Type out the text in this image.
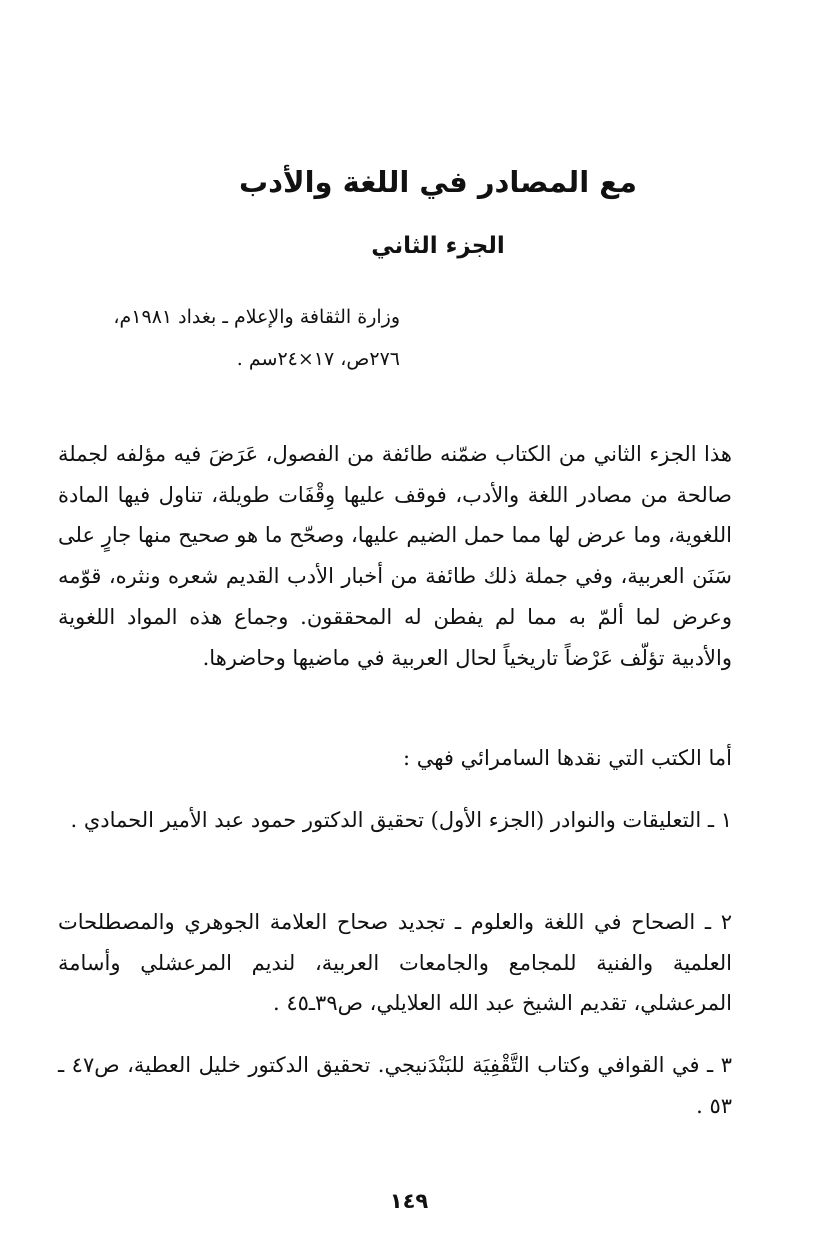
مع المصادر في اللغة والأدب
الجزء الثاني
وزارة الثقافة والإعلام ـ بغداد ١٩٨١م،
٢٧٦ص، ١٧×٢٤سم .

هذا الجزء الثاني من الكتاب ضمّنه طائفة من الفصول، عَرَضَ فيه مؤلفه لجملة صالحة من مصادر اللغة والأدب، فوقف عليها وِقْفَات طويلة، تناول فيها المادة اللغوية، وما عرض لها مما حمل الضيم عليها، وصحّح ما هو صحيح منها جارٍ على سَنَن العربية، وفي جملة ذلك طائفة من أخبار الأدب القديم شعره ونثره، قوّمه وعرض لما ألمّ به مما لم يفطن له المحققون. وجماع هذه المواد اللغوية والأدبية تؤلّف عَرْضاً تاريخياً لحال العربية في ماضيها وحاضرها.

أما الكتب التي نقدها السامرائي فهي :

١ ـ التعليقات والنوادر (الجزء الأول) تحقيق الدكتور حمود عبد الأمير الحمادي .

٢ ـ الصحاح في اللغة والعلوم ـ تجديد صحاح العلامة الجوهري والمصطلحات العلمية والفنية للمجامع والجامعات العربية، لنديم المرعشلي وأسامة المرعشلي، تقديم الشيخ عبد الله العلايلي، ص٣٩ـ٤٥ .

٣ ـ في القوافي وكتاب التَّقْفِيَة للبَنْدَنيجي. تحقيق الدكتور خليل العطية، ص٤٧ ـ ٥٣ .

١٤٩
